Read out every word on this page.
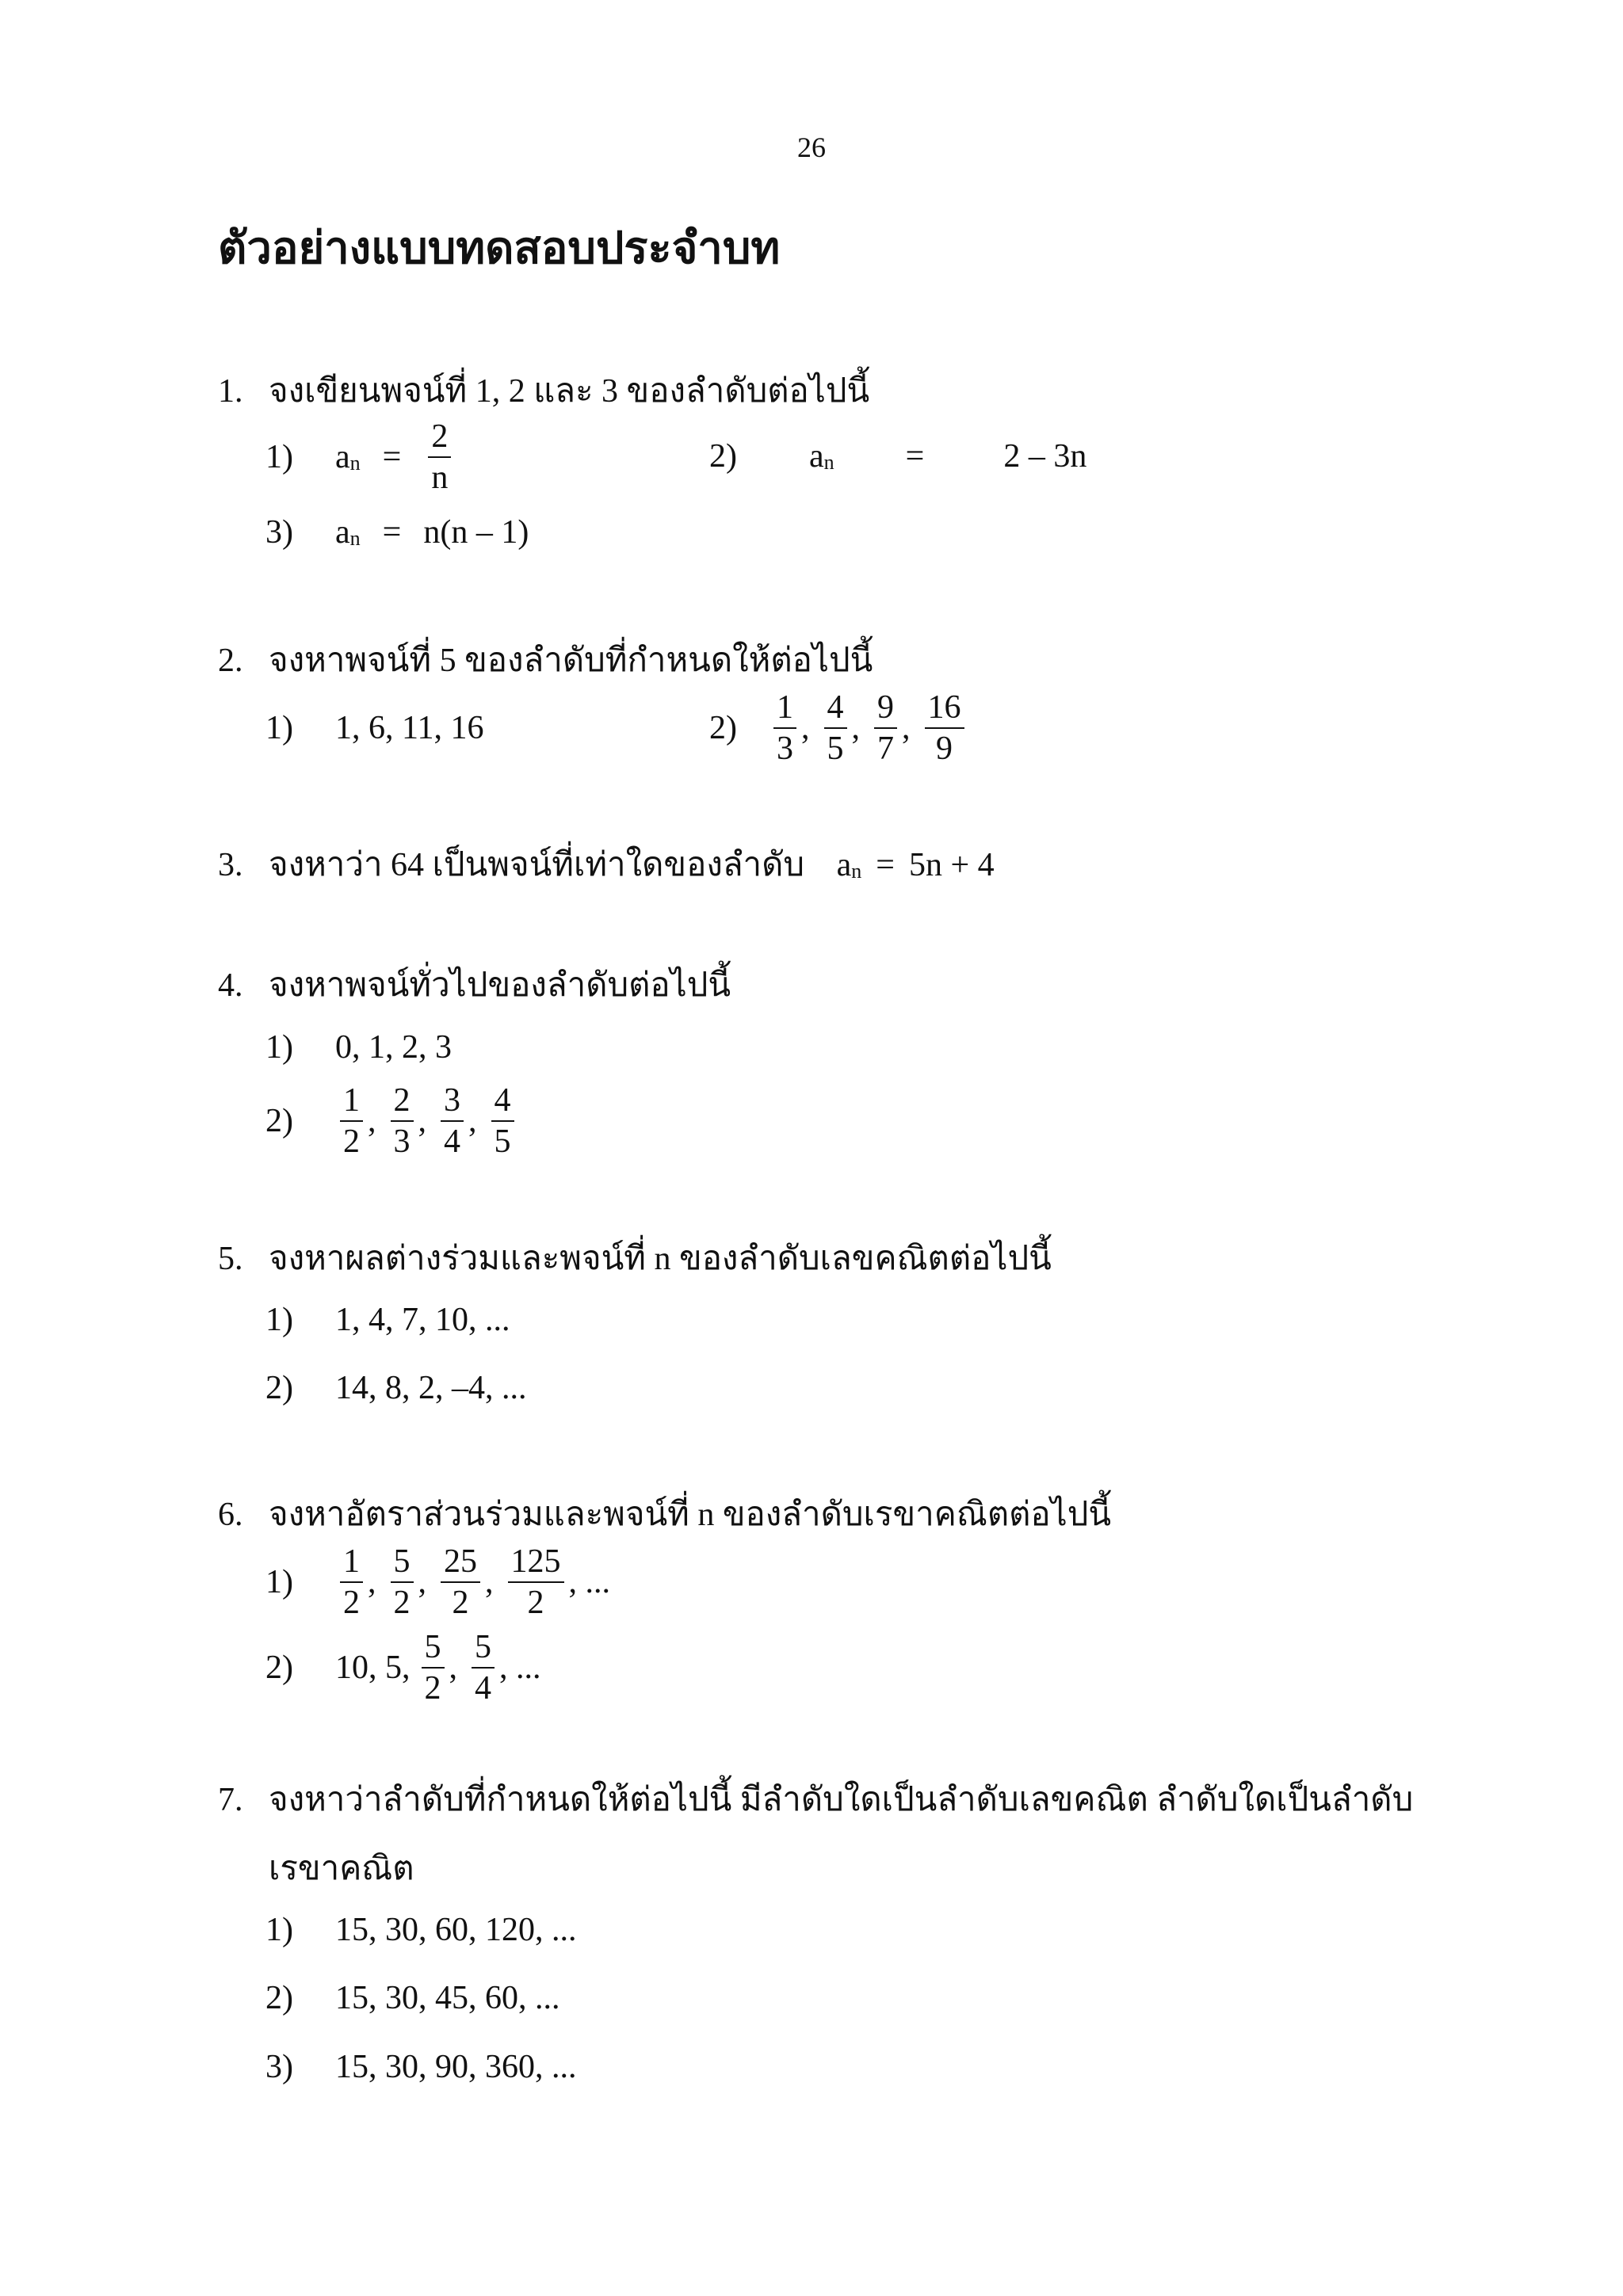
26
ตัวอย่างแบบทดสอบประจำบท
1. จงเขียนพจน์ที่ 1, 2 และ 3 ของลำดับต่อไปนี้
1)	$a_n = \frac{2}{n}$	2)	$a_n = 2 - 3n$
3)	$a_n = n(n - 1)$
2. จงหาพจน์ที่ 5 ของลำดับที่กำหนดให้ต่อไปนี้
1)	1, 6, 11, 16	2)	$\frac{1}{3}$ , $\frac{4}{5}$ , $\frac{9}{7}$ , $\frac{16}{9}$
3. จงหาว่า 64 เป็นพจน์ที่เท่าใดของลำดับ $a_n = 5n + 4$
4. จงหาพจน์ทั่วไปของลำดับต่อไปนี้
1)	0, 1, 2, 3
2)	$\frac{1}{2}$ , $\frac{2}{3}$ , $\frac{3}{4}$ , $\frac{4}{5}$
5. จงหาผลต่างร่วมและพจน์ที่ n ของลำดับเลขคณิตต่อไปนี้
1)	1, 4, 7, 10, ...
2)	14, 8, 2, –4, ...
6. จงหาอัตราส่วนร่วมและพจน์ที่ n ของลำดับเรขาคณิตต่อไปนี้
1)	$\frac{1}{2}$ , $\frac{5}{2}$ , $\frac{25}{2}$ , $\frac{125}{2}$ , ...
2)	10, 5, $\frac{5}{2}$ , $\frac{5}{4}$ , ...
7. จงหาว่าลำดับที่กำหนดให้ต่อไปนี้ มีลำดับใดเป็นลำดับเลขคณิต ลำดับใดเป็นลำดับ
เรขาคณิต
1)	15, 30, 60, 120, ...
2)	15, 30, 45, 60, ...
3)	15, 30, 90, 360, ...
